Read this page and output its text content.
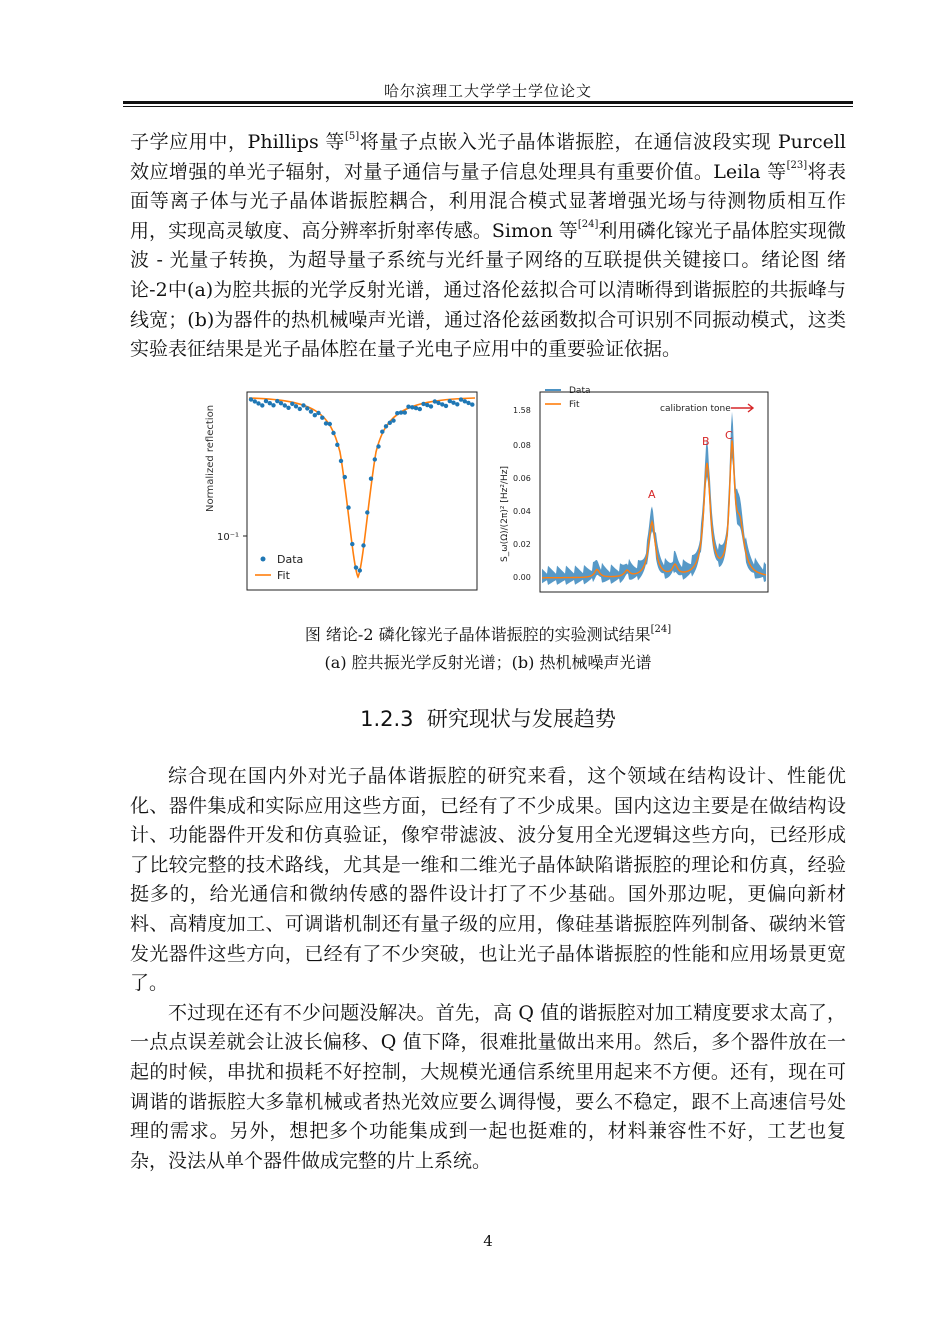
哈尔滨理工大学学士学位论文

子学应用中，Phillips 等[5]将量子点嵌入光子晶体谐振腔，在通信波段实现 Purcell 效应增强的单光子辐射，对量子通信与量子信息处理具有重要价值。Leila 等[23]将表面等离子体与光子晶体谐振腔耦合，利用混合模式显著增强光场与待测物质相互作用，实现高灵敏度、高分辨率折射率传感。Simon 等[24]利用磷化镓光子晶体腔实现微波 - 光量子转换，为超导量子系统与光纤量子网络的互联提供关键接口。绪论图 绪论-2中(a)为腔共振的光学反射光谱，通过洛伦兹拟合可以清晰得到谐振腔的共振峰与线宽；(b)为器件的热机械噪声光谱，通过洛伦兹函数拟合可识别不同振动模式，这类实验表征结果是光子晶体腔在量子光电子应用中的重要验证依据。

Normalized reflection
10⁻¹
Data
Fit
S_ω(Ω)/(2π)² [Hz²/Hz]
0.00
0.02
0.04
0.06
0.08
1.58
A
B C
calibration tone
Data
Fit
图 绪论-2 磷化镓光子晶体谐振腔的实验测试结果[24]
(a) 腔共振光学反射光谱；(b) 热机械噪声光谱
1.2.3 研究现状与发展趋势

综合现在国内外对光子晶体谐振腔的研究来看，这个领域在结构设计、性能优化、器件集成和实际应用这些方面，已经有了不少成果。国内这边主要是在做结构设计、功能器件开发和仿真验证，像窄带滤波、波分复用全光逻辑这些方向，已经形成了比较完整的技术路线，尤其是一维和二维光子晶体缺陷谐振腔的理论和仿真，经验挺多的，给光通信和微纳传感的器件设计打了不少基础。国外那边呢，更偏向新材料、高精度加工、可调谐机制还有量子级的应用，像硅基谐振腔阵列制备、碳纳米管发光器件这些方向，已经有了不少突破，也让光子晶体谐振腔的性能和应用场景更宽了。

不过现在还有不少问题没解决。首先，高 Q 值的谐振腔对加工精度要求太高了，一点点误差就会让波长偏移、Q 值下降，很难批量做出来用。然后，多个器件放在一起的时候，串扰和损耗不好控制，大规模光通信系统里用起来不方便。还有，现在可调谐的谐振腔大多靠机械或者热光效应要么调得慢，要么不稳定，跟不上高速信号处理的需求。另外，想把多个功能集成到一起也挺难的，材料兼容性不好，工艺也复杂，没法从单个器件做成完整的片上系统。

4
